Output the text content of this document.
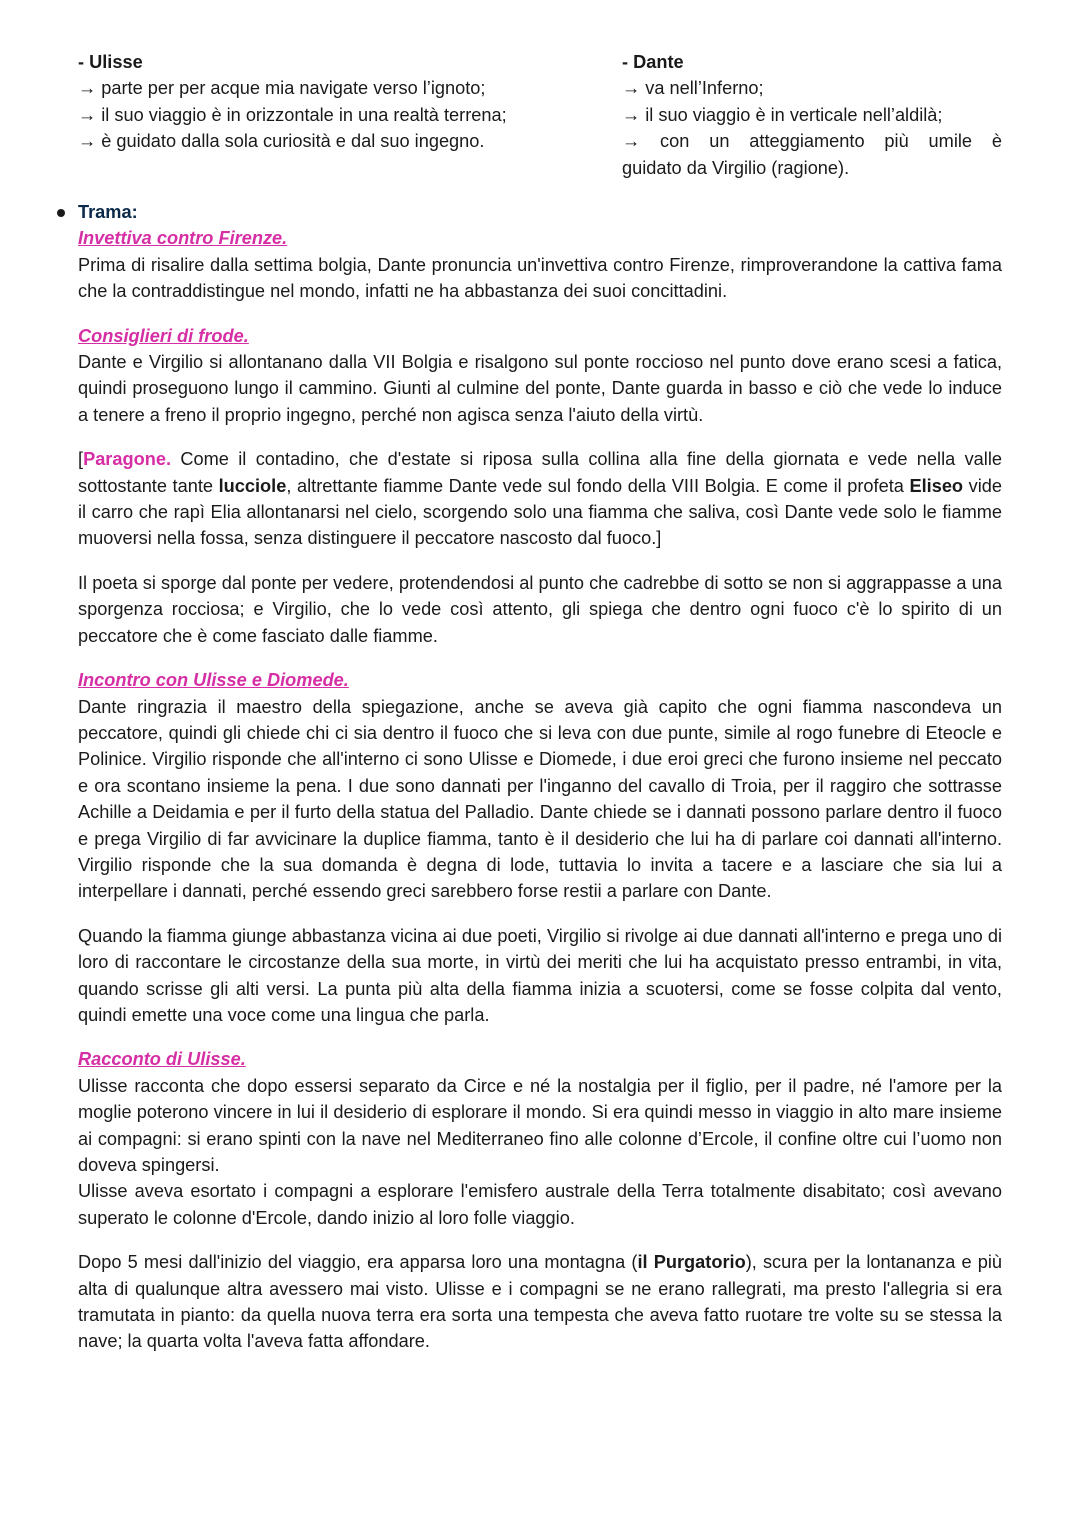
- Ulisse
→ parte per per acque mia navigate verso l’ignoto;
→ il suo viaggio è in orizzontale in una realtà terrena;
→ è guidato dalla sola curiosità e dal suo ingegno.
- Dante
→ va nell’Inferno;
→ il suo viaggio è in verticale nell’aldilà;
→ con un atteggiamento più umile è
guidato da Virgilio (ragione).
Trama:
Invettiva contro Firenze.

Prima di risalire dalla settima bolgia, Dante pronuncia un'invettiva contro Firenze, rimproverandone la cattiva fama che la contraddistingue nel mondo, infatti ne ha abbastanza dei suoi concittadini.

Consiglieri di frode.

Dante e Virgilio si allontanano dalla VII Bolgia e risalgono sul ponte roccioso nel punto dove erano scesi a fatica, quindi proseguono lungo il cammino. Giunti al culmine del ponte, Dante guarda in basso e ciò che vede lo induce a tenere a freno il proprio ingegno, perché non agisca senza l'aiuto della virtù.

[Paragone. Come il contadino, che d'estate si riposa sulla collina alla fine della giornata e vede nella valle sottostante tante lucciole, altrettante fiamme Dante vede sul fondo della VIII Bolgia. E come il profeta Eliseo vide il carro che rapì Elia allontanarsi nel cielo, scorgendo solo una fiamma che saliva, così Dante vede solo le fiamme muoversi nella fossa, senza distinguere il peccatore nascosto dal fuoco.]

Il poeta si sporge dal ponte per vedere, protendendosi al punto che cadrebbe di sotto se non si aggrappasse a una sporgenza rocciosa; e Virgilio, che lo vede così attento, gli spiega che dentro ogni fuoco c'è lo spirito di un peccatore che è come fasciato dalle fiamme.

Incontro con Ulisse e Diomede.

Dante ringrazia il maestro della spiegazione, anche se aveva già capito che ogni fiamma nascondeva un peccatore, quindi gli chiede chi ci sia dentro il fuoco che si leva con due punte, simile al rogo funebre di Eteocle e Polinice. Virgilio risponde che all'interno ci sono Ulisse e Diomede, i due eroi greci che furono insieme nel peccato e ora scontano insieme la pena. I due sono dannati per l'inganno del cavallo di Troia, per il raggiro che sottrasse Achille a Deidamia e per il furto della statua del Palladio. Dante chiede se i dannati possono parlare dentro il fuoco e prega Virgilio di far avvicinare la duplice fiamma, tanto è il desiderio che lui ha di parlare coi dannati all'interno. Virgilio risponde che la sua domanda è degna di lode, tuttavia lo invita a tacere e a lasciare che sia lui a interpellare i dannati, perché essendo greci sarebbero forse restii a parlare con Dante.

Quando la fiamma giunge abbastanza vicina ai due poeti, Virgilio si rivolge ai due dannati all'interno e prega uno di loro di raccontare le circostanze della sua morte, in virtù dei meriti che lui ha acquistato presso entrambi, in vita, quando scrisse gli alti versi. La punta più alta della fiamma inizia a scuotersi, come se fosse colpita dal vento, quindi emette una voce come una lingua che parla.

Racconto di Ulisse.

Ulisse racconta che dopo essersi separato da Circe e né la nostalgia per il figlio, per il padre, né l'amore per la moglie poterono vincere in lui il desiderio di esplorare il mondo. Si era quindi messo in viaggio in alto mare insieme ai compagni: si erano spinti con la nave nel Mediterraneo fino alle colonne d’Ercole, il confine oltre cui l’uomo non doveva spingersi.

Ulisse aveva esortato i compagni a esplorare l'emisfero australe della Terra totalmente disabitato; così avevano superato le colonne d'Ercole, dando inizio al loro folle viaggio.

Dopo 5 mesi dall'inizio del viaggio, era apparsa loro una montagna (il Purgatorio), scura per la lontananza e più alta di qualunque altra avessero mai visto. Ulisse e i compagni se ne erano rallegrati, ma presto l'allegria si era tramutata in pianto: da quella nuova terra era sorta una tempesta che aveva fatto ruotare tre volte su se stessa la nave; la quarta volta l'aveva fatta affondare.
